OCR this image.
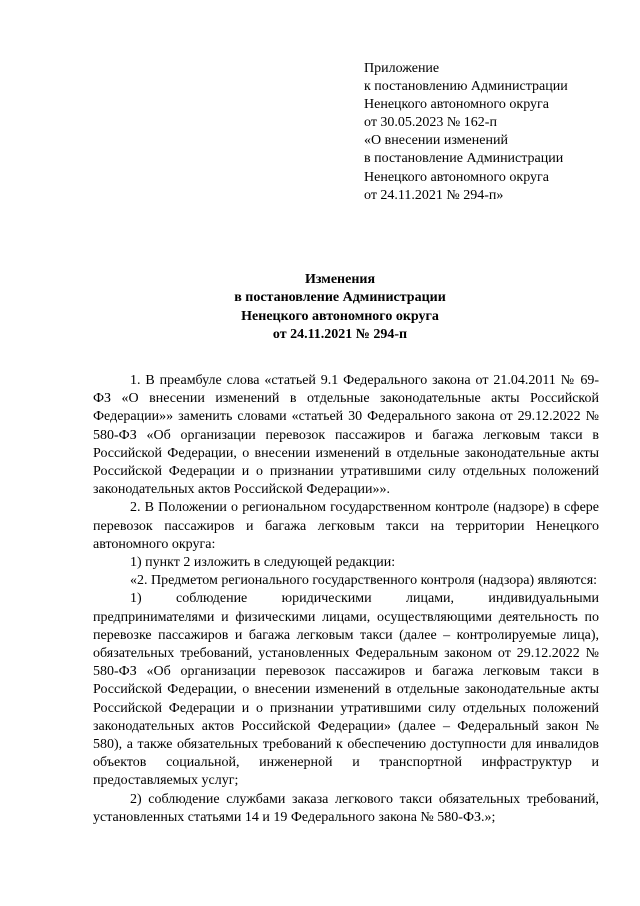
Приложение
к постановлению Администрации
Ненецкого автономного округа
от 30.05.2023 № 162-п
«О внесении изменений
в постановление Администрации
Ненецкого автономного округа
от 24.11.2021 № 294-п»
Изменения
в постановление Администрации
Ненецкого автономного округа
от 24.11.2021 № 294-п

1. В преамбуле слова «статьей 9.1 Федерального закона от 21.04.2011 № 69-ФЗ «О внесении изменений в отдельные законодательные акты Российской Федерации»» заменить словами «статьей 30 Федерального закона от 29.12.2022 № 580-ФЗ «Об организации перевозок пассажиров и багажа легковым такси в Российской Федерации, о внесении изменений в отдельные законодательные акты Российской Федерации и о признании утратившими силу отдельных положений законодательных актов Российской Федерации»».

2. В Положении о региональном государственном контроле (надзоре) в сфере перевозок пассажиров и багажа легковым такси на территории Ненецкого автономного округа:

1) пункт 2 изложить в следующей редакции:

«2. Предметом регионального государственного контроля (надзора) являются:

1) соблюдение юридическими лицами, индивидуальными предпринимателями и физическими лицами, осуществляющими деятельность по перевозке пассажиров и багажа легковым такси (далее – контролируемые лица), обязательных требований, установленных Федеральным законом от 29.12.2022 № 580-ФЗ «Об организации перевозок пассажиров и багажа легковым такси в Российской Федерации, о внесении изменений в отдельные законодательные акты Российской Федерации и о признании утратившими силу отдельных положений законодательных актов Российской Федерации» (далее – Федеральный закон № 580), а также обязательных требований к обеспечению доступности для инвалидов объектов социальной, инженерной и транспортной инфраструктур и предоставляемых услуг;

2) соблюдение службами заказа легкового такси обязательных требований, установленных статьями 14 и 19 Федерального закона № 580-ФЗ.»;
